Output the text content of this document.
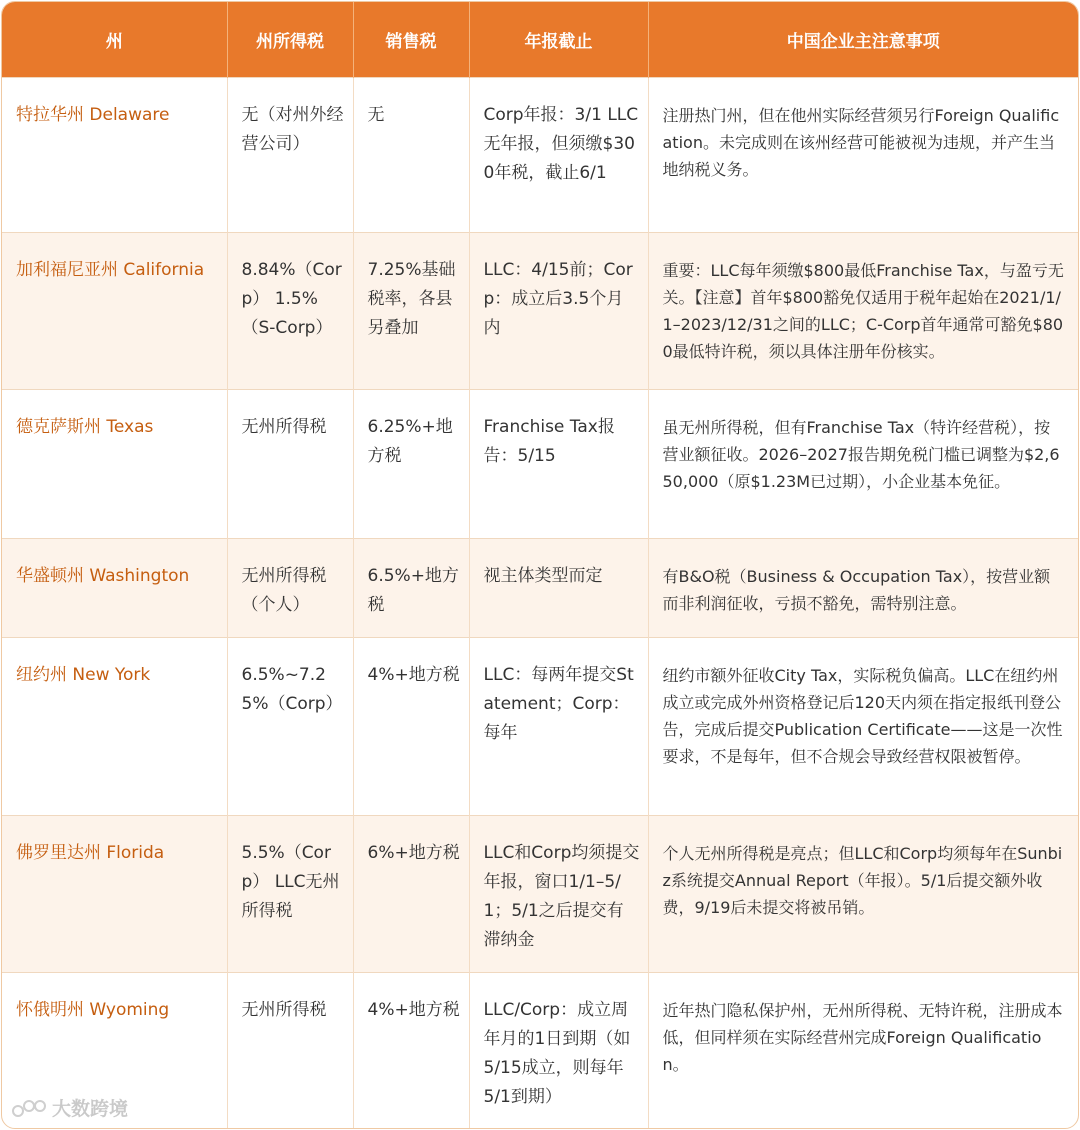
州	州所得税	销售税	年报截止	中国企业主注意事项
特拉华州 Delaware	无（对州外经营公司）	无	Corp年报：3/1 LLC无年报，但须缴$300年税，截止6/1	注册热门州，但在他州实际经营须另行Foreign Qualification。未完成则在该州经营可能被视为违规，并产生当地纳税义务。
加利福尼亚州 California	8.84%（Corp） 1.5%（S-Corp）	7.25%基础税率，各县另叠加	LLC：4/15前；Corp：成立后3.5个月内	重要：LLC每年须缴$800最低Franchise Tax，与盈亏无关。【注意】首年$800豁免仅适用于税年起始在2021/1/1–2023/12/31之间的LLC；C-Corp首年通常可豁免$800最低特许税，须以具体注册年份核实。
德克萨斯州 Texas	无州所得税	6.25%+地方税	Franchise Tax报告：5/15	虽无州所得税，但有Franchise Tax（特许经营税），按营业额征收。2026–2027报告期免税门槛已调整为$2,650,000（原$1.23M已过期），小企业基本免征。
华盛顿州 Washington	无州所得税（个人）	6.5%+地方税	视主体类型而定	有B&O税（Business & Occupation Tax），按营业额而非利润征收，亏损不豁免，需特别注意。
纽约州 New York	6.5%~7.25%（Corp）	4%+地方税	LLC：每两年提交Statement；Corp：每年	纽约市额外征收City Tax，实际税负偏高。LLC在纽约州成立或完成外州资格登记后120天内须在指定报纸刊登公告，完成后提交Publication Certificate——这是一次性要求，不是每年，但不合规会导致经营权限被暂停。
佛罗里达州 Florida	5.5%（Corp） LLC无州所得税	6%+地方税	LLC和Corp均须提交年报，窗口1/1–5/1；5/1之后提交有滞纳金	个人无州所得税是亮点；但LLC和Corp均须每年在Sunbiz系统提交Annual Report（年报）。5/1后提交额外收费，9/19后未提交将被吊销。
怀俄明州 Wyoming	无州所得税	4%+地方税	LLC/Corp：成立周年月的1日到期（如5/15成立，则每年5/1到期）	近年热门隐私保护州，无州所得税、无特许税，注册成本低，但同样须在实际经营州完成Foreign Qualification。
大数跨境
